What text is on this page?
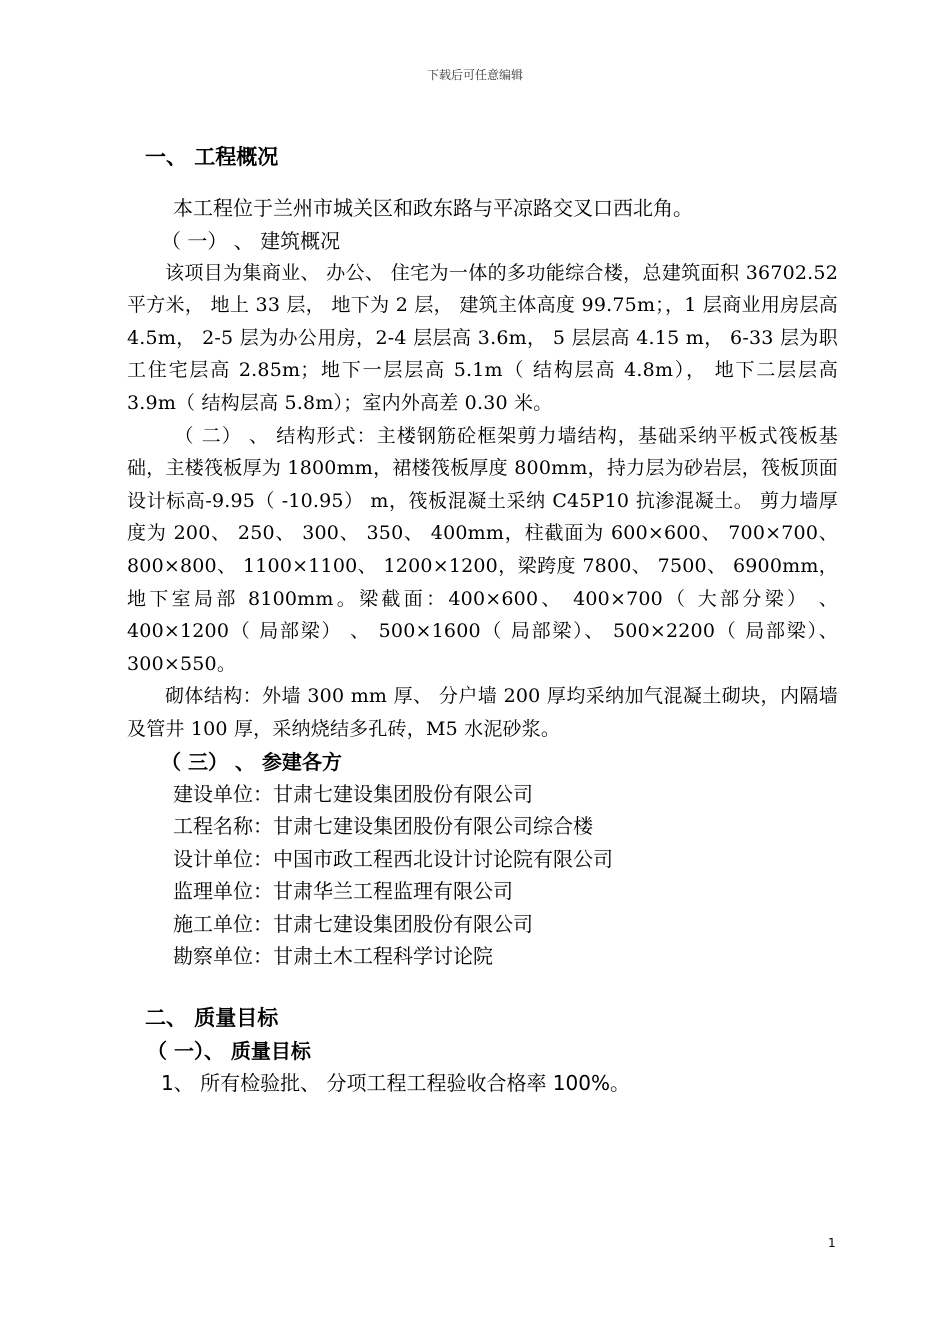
下载后可任意编辑
一、 工程概况
本工程位于兰州市城关区和政东路与平凉路交叉口西北角。
（ 一） 、 建筑概况
该项目为集商业、 办公、 住宅为一体的多功能综合楼，总建筑面积 36702.52 平方米， 地上 33 层， 地下为 2 层， 建筑主体高度 99.75m；，1 层商业用房层高 4.5m， 2-5 层为办公用房，2-4 层层高 3.6m， 5 层层高 4.15 m， 6-33 层为职工住宅层高 2.85m；地下一层层高 5.1m（ 结构层高 4.8m）， 地下二层层高 3.9m（ 结构层高 5.8m）；室内外高差 0.30 米。
（ 二） 、 结构形式：主楼钢筋砼框架剪力墙结构，基础采纳平板式筏板基础，主楼筏板厚为 1800mm，裙楼筏板厚度 800mm，持力层为砂岩层，筏板顶面设计标高-9.95（ -10.95） m，筏板混凝土采纳 C45P10 抗渗混凝土。 剪力墙厚度为 200、 250、 300、 350、 400mm，柱截面为 600×600、 700×700、 800×800、 1100×1100、 1200×1200，梁跨度 7800、 7500、 6900mm， 地下室局部 8100mm。梁截面：400×600、 400×700（ 大部分梁） 、 400×1200（ 局部梁） 、 500×1600（ 局部梁）、 500×2200（ 局部梁）、 300×550。
砌体结构：外墙 300 mm 厚、 分户墙 200 厚均采纳加气混凝土砌块，内隔墙及管井 100 厚，采纳烧结多孔砖，M5 水泥砂浆。
（ 三） 、 参建各方
建设单位：甘肃七建设集团股份有限公司
工程名称：甘肃七建设集团股份有限公司综合楼
设计单位：中国市政工程西北设计讨论院有限公司
监理单位：甘肃华兰工程监理有限公司
施工单位：甘肃七建设集团股份有限公司
勘察单位：甘肃土木工程科学讨论院
二、 质量目标
（ 一）、 质量目标
1、 所有检验批、 分项工程工程验收合格率 100%。
1
